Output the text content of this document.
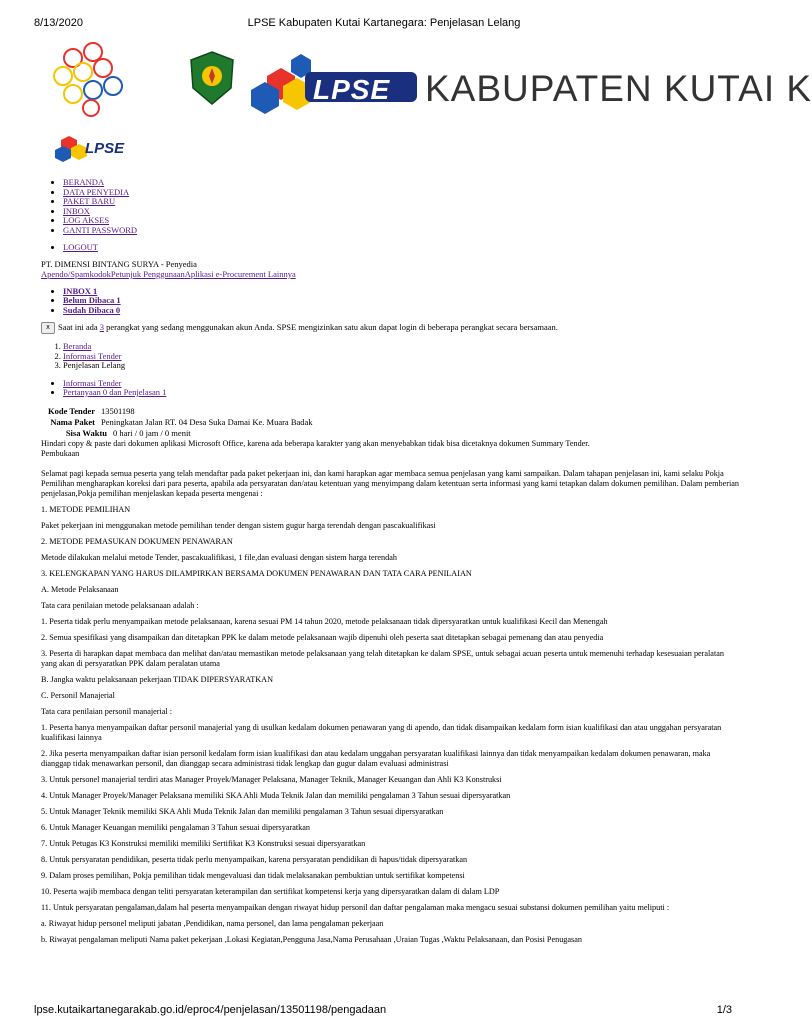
8/13/2020	LPSE Kabupaten Kutai Kartanegara: Penjelasan Lelang
LPSE KABUPATEN KUTAI K
LPSE
• BERANDA
• DATA PENYEDIA
• PAKET BARU
• INBOX
• LOG AKSES
• GANTI PASSWORD
• LOGOUT
PT. DIMENSI BINTANG SURYA - Penyedia
Apendo/SpamkodokPetunjuk PenggunaanAplikasi e-Procurement Lainnya
• INBOX 1
• Belum Dibaca 1
• Sudah Dibaca 0
x Saat ini ada 3 perangkat yang sedang menggunakan akun Anda. SPSE mengizinkan satu akun dapat login di beberapa perangkat secara bersamaan.
1. Beranda
2. Informasi Tender
3. Penjelasan Lelang
• Informasi Tender
• Pertanyaan 0 dan Penjelasan 1
Kode Tender 13501198
Nama Paket Peningkatan Jalan RT. 04 Desa Suka Damai Ke. Muara Badak
Sisa Waktu 0 hari / 0 jam / 0 menit

Hindari copy & paste dari dokumen aplikasi Microsoft Office, karena ada beberapa karakter yang akan menyebabkan tidak bisa dicetaknya dokumen Summary Tender.

Pembukaan

Selamat pagi kepada semua peserta yang telah mendaftar pada paket pekerjaan ini, dan kami harapkan agar membaca semua penjelasan yang kami sampaikan. Dalam tahapan penjelasan ini, kami selaku Pokja Pemilihan mengharapkan koreksi dari para peserta, apabila ada persyaratan dan/atau ketentuan yang menyimpang dalam ketentuan serta informasi yang kami tetapkan dalam dokumen pemilihan. Dalam pemberian penjelasan,Pokja pemilihan menjelaskan kepada peserta mengenai :

1. METODE PEMILIHAN

Paket pekerjaan ini menggunakan metode pemilihan tender dengan sistem gugur harga terendah dengan pascakualifikasi

2. METODE PEMASUKAN DOKUMEN PENAWARAN

Metode dilakukan melalui metode Tender, pascakualifikasi, 1 file,dan evaluasi dengan sistem harga terendah

3. KELENGKAPAN YANG HARUS DILAMPIRKAN BERSAMA DOKUMEN PENAWARAN DAN TATA CARA PENILAIAN

A. Metode Pelaksanaan

Tata cara penilaian metode pelaksanaan adalah :

1. Peserta tidak perlu menyampaikan metode pelaksanaan, karena sesuai PM 14 tahun 2020, metode pelaksanaan tidak dipersyaratkan untuk kualifikasi Kecil dan Menengah

2. Semua spesifikasi yang disampaikan dan ditetapkan PPK ke dalam metode pelaksanaan wajib dipenuhi oleh peserta saat ditetapkan sebagai pemenang dan atau penyedia

3. Peserta di harapkan dapat membaca dan melihat dan/atau memastikan metode pelaksanaan yang telah ditetapkan ke dalam SPSE, untuk sebagai acuan peserta untuk memenuhi terhadap kesesuaian peralatan yang akan di persyaratkan PPK dalam peralatan utama

B. Jangka waktu pelaksanaan pekerjaan TIDAK DIPERSYARATKAN

C. Personil Manajerial

Tata cara penilaian personil manajerial :

1. Peserta hanya menyampaikan daftar personil manajerial yang di usulkan kedalam dokumen penawaran yang di apendo, dan tidak disampaikan kedalam form isian kualifikasi dan atau unggahan persyaratan kualifikasi lainnya

2. Jika peserta menyampaikan daftar isian personil kedalam form isian kualifikasi dan atau kedalam unggahan persyaratan kualifikasi lainnya dan tidak menyampaikan kedalam dokumen penawaran, maka dianggap tidak menawarkan personil, dan dianggap secara administrasi tidak lengkap dan gugur dalam evaluasi administrasi

3. Untuk personel manajerial terdiri atas Manager Proyek/Manager Pelaksana, Manager Teknik, Manager Keuangan dan Ahli K3 Konstruksi

4. Untuk Manager Proyek/Manager Pelaksana memiliki SKA Ahli Muda Teknik Jalan dan memiliki pengalaman 3 Tahun sesuai dipersyaratkan

5. Untuk Manager Teknik memiliki SKA Ahli Muda Teknik Jalan dan memiliki pengalaman 3 Tahun sesuai dipersyaratkan

6. Untuk Manager Keuangan memiliki pengalaman 3 Tahun sesuai dipersyaratkan

7. Untuk Petugas K3 Konstruksi memiliki memiliki Sertifikat K3 Konstruksi sesuai dipersyaratkan

8. Untuk persyaratan pendidikan, peserta tidak perlu menyampaikan, karena persyaratan pendidikan di hapus/tidak dipersyaratkan

9. Dalam proses pemilihan, Pokja pemilihan tidak mengevaluasi dan tidak melaksanakan pembuktian untuk sertifikat kompetensi

10. Peserta wajib membaca dengan teliti persyaratan keterampilan dan sertifikat kompetensi kerja yang dipersyaratkan dalam di dalam LDP

11. Untuk persyaratan pengalaman,dalam hal peserta menyampaikan dengan riwayat hidup personil dan daftar pengalaman maka mengacu sesuai substansi dokumen pemilihan yaitu meliputi :

a. Riwayat hidup personel meliputi jabatan ,Pendidikan, nama personel, dan lama pengalaman pekerjaan

b. Riwayat pengalaman meliputi Nama paket pekerjaan ,Lokasi Kegiatan,Pengguna Jasa,Nama Perusahaan ,Uraian Tugas ,Waktu Pelaksanaan, dan Posisi Penugasan

lpse.kutaikartanegarakab.go.id/eproc4/penjelasan/13501198/pengadaan	1/3
